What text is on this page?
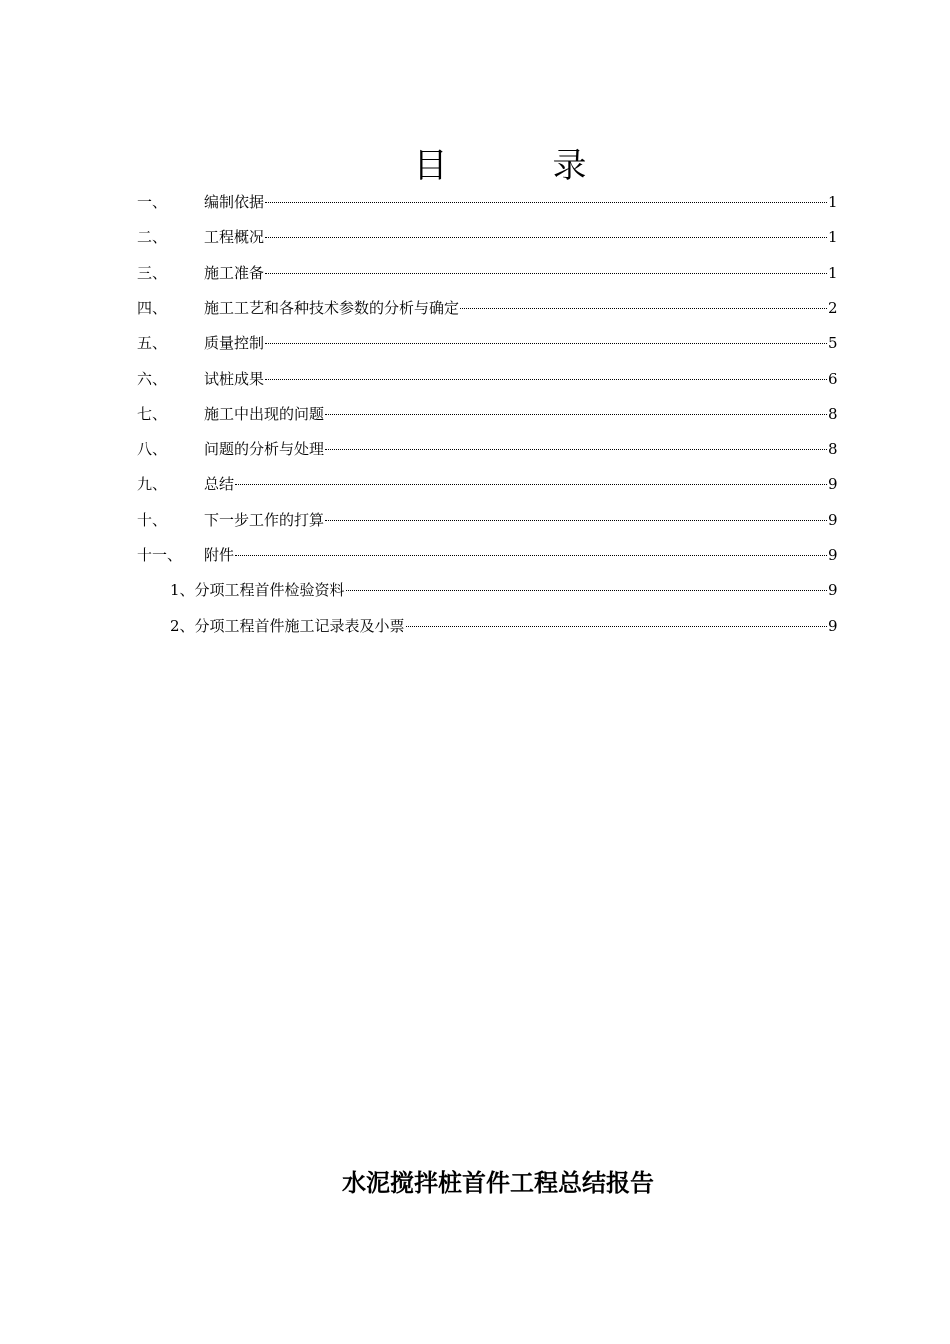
目	录
一、 编制依据	1
二、 工程概况	1
三、 施工准备	1
四、 施工工艺和各种技术参数的分析与确定	2
五、 质量控制	5
六、 试桩成果	6
七、 施工中出现的问题	8
八、 问题的分析与处理	8
九、 总结	9
十、 下一步工作的打算	9
十一、 附件	9
1、分项工程首件检验资料	9
2、分项工程首件施工记录表及小票	9
水泥搅拌桩首件工程总结报告
